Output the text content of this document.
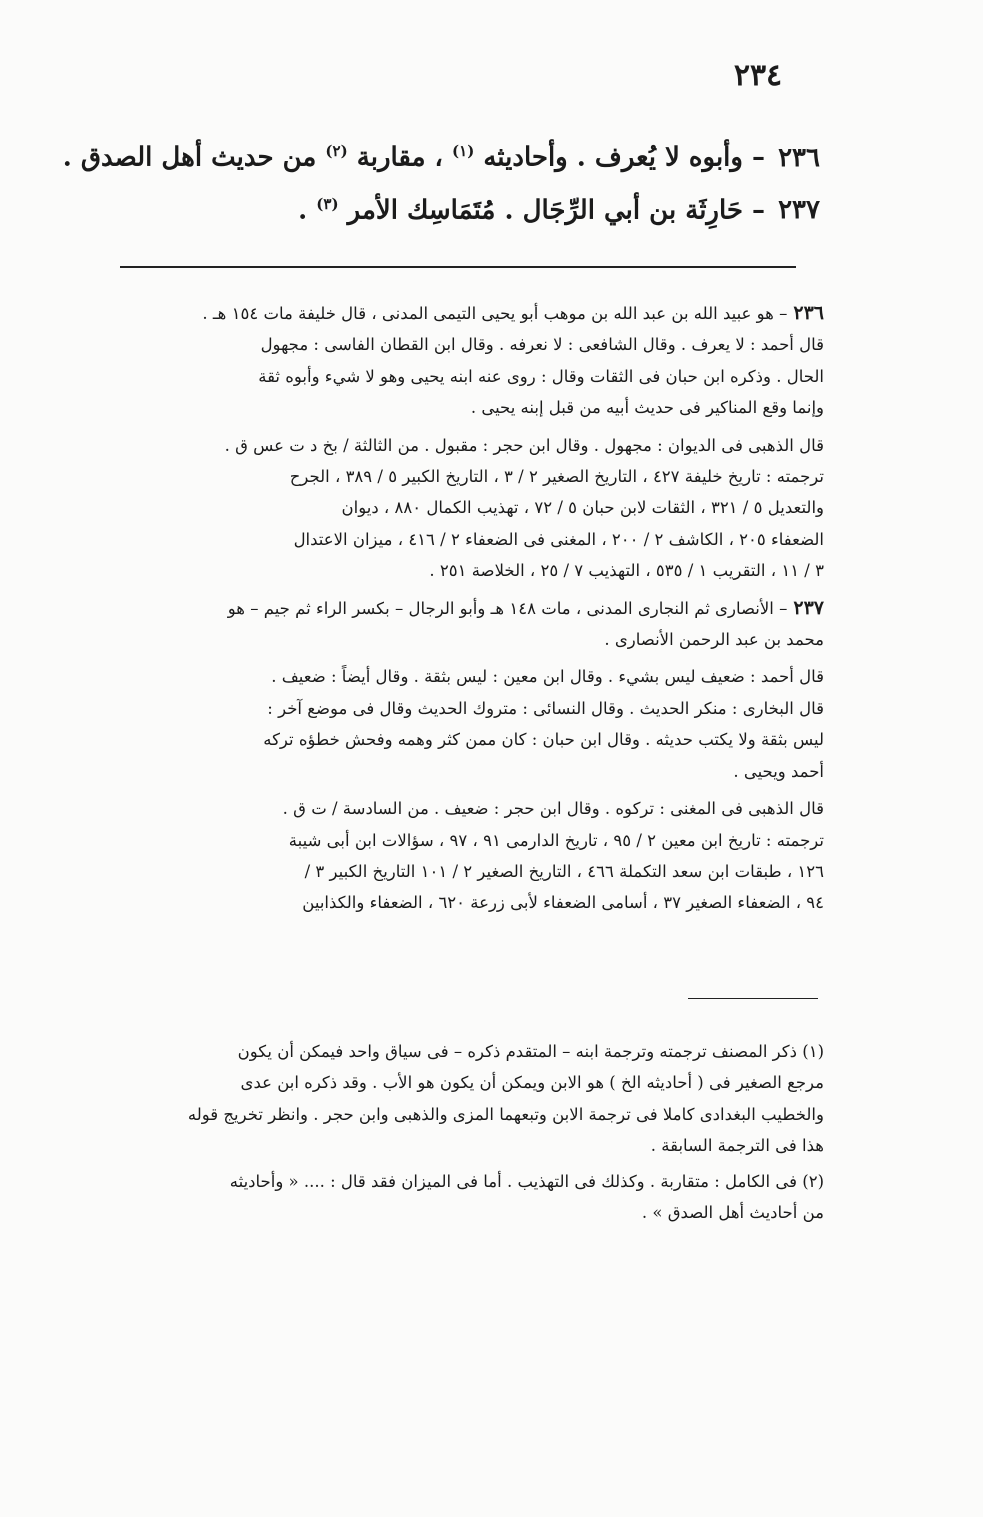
٢٣٤
٢٣٦ – وأبوه لا يُعرف . وأحاديثه $^{(١)}$ ، مقاربة $^{(٢)}$ من حديث أهل الصدق .
٢٣٧ – حَارِثَة بن أبي الرِّجَال . مُتَمَاسِك الأمر $^{(٣)}$ .
٢٣٦– هو عبيد الله بن عبد الله بن موهب أبو يحيى التيمى المدنى ، قال خليفة مات ١٥٤ هـ .
قال أحمد : لا يعرف . وقال الشافعى : لا نعرفه . وقال ابن القطان الفاسى : مجهول
الحال . وذكره ابن حبان فى الثقات وقال : روى عنه ابنه يحيى وهو لا شيء وأبوه ثقة
وإنما وقع المناكير فى حديث أبيه من قبل إبنه يحيى .
قال الذهبى فى الديوان : مجهول . وقال ابن حجر : مقبول . من الثالثة / بخ د ت عس ق .
ترجمته : تاريخ خليفة ٤٢٧ ، التاريخ الصغير ٢ / ٣ ، التاريخ الكبير ٥ / ٣٨٩ ، الجرح
والتعديل ٥ / ٣٢١ ، الثقات لابن حبان ٥ / ٧٢ ، تهذيب الكمال ٨٨٠ ، ديوان
الضعفاء ٢٠٥ ، الكاشف ٢ / ٢٠٠ ، المغنى فى الضعفاء ٢ / ٤١٦ ، ميزان الاعتدال
٣ / ١١ ، التقريب ١ / ٥٣٥ ، التهذيب ٧ / ٢٥ ، الخلاصة ٢٥١ .
٢٣٧– الأنصارى ثم النجارى المدنى ، مات ١٤٨ هـ وأبو الرجال – بكسر الراء ثم جيم – هو
محمد بن عبد الرحمن الأنصارى .
قال أحمد : ضعيف ليس بشيء . وقال ابن معين : ليس بثقة . وقال أيضاً : ضعيف .
قال البخارى : منكر الحديث . وقال النسائى : متروك الحديث وقال فى موضع آخر :
ليس بثقة ولا يكتب حديثه . وقال ابن حبان : كان ممن كثر وهمه وفحش خطؤه تركه
أحمد ويحيى .
قال الذهبى فى المغنى : تركوه . وقال ابن حجر : ضعيف . من السادسة / ت ق .
ترجمته : تاريخ ابن معين ٢ / ٩٥ ، تاريخ الدارمى ٩١ ، ٩٧ ، سؤالات ابن أبى شيبة
١٢٦ ، طبقات ابن سعد التكملة ٤٦٦ ، التاريخ الصغير ٢ / ١٠١ التاريخ الكبير ٣ /
٩٤ ، الضعفاء الصغير ٣٧ ، أسامى الضعفاء لأبى زرعة ٦٢٠ ، الضعفاء والكذابين
(١) ذكر المصنف ترجمته وترجمة ابنه – المتقدم ذكره – فى سياق واحد فيمكن أن يكون
مرجع الصغير فى ( أحاديثه الخ ) هو الابن ويمكن أن يكون هو الأب . وقد ذكره ابن عدى
والخطيب البغدادى كاملا فى ترجمة الابن وتبعهما المزى والذهبى وابن حجر . وانظر تخريج قوله
هذا فى الترجمة السابقة .
(٢) فى الكامل : متقاربة . وكذلك فى التهذيب . أما فى الميزان فقد قال : .... « وأحاديثه
من أحاديث أهل الصدق » .
